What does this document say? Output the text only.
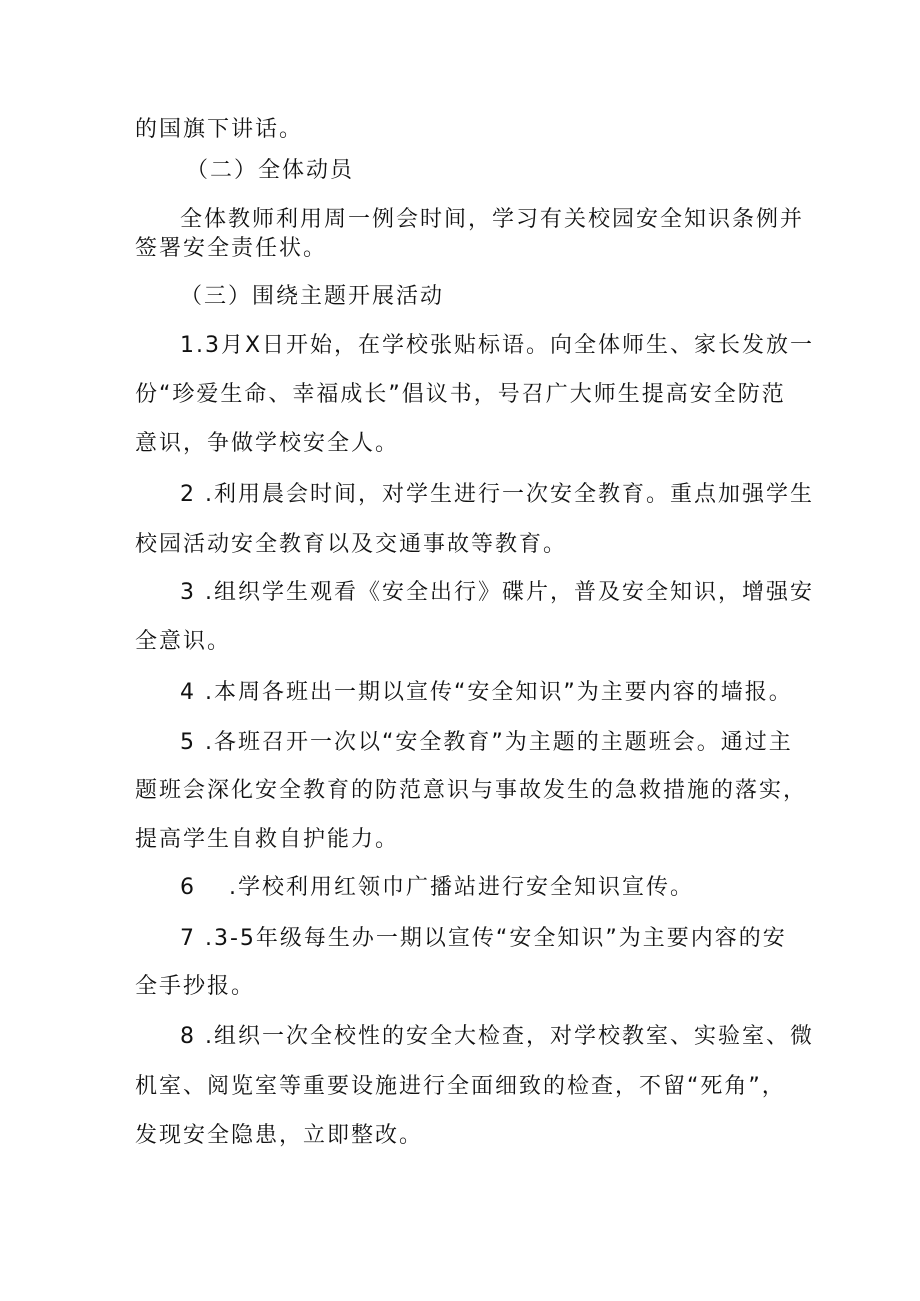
的国旗下讲话。
（二）全体动员
全体教师利用周一例会时间，学习有关校园安全知识条例并
签署安全责任状。
（三）围绕主题开展活动
1.3月X日开始，在学校张贴标语。向全体师生、家长发放一
份“珍爱生命、幸福成长”倡议书，号召广大师生提高安全防范
意识，争做学校安全人。
2 .利用晨会时间，对学生进行一次安全教育。重点加强学生
校园活动安全教育以及交通事故等教育。
3 .组织学生观看《安全出行》碟片，普及安全知识，增强安
全意识。
4 .本周各班出一期以宣传“安全知识”为主要内容的墙报。
5 .各班召开一次以“安全教育”为主题的主题班会。通过主
题班会深化安全教育的防范意识与事故发生的急救措施的落实，
提高学生自救自护能力。
6 　.学校利用红领巾广播站进行安全知识宣传。
7 .3-5年级每生办一期以宣传“安全知识”为主要内容的安
全手抄报。
8 .组织一次全校性的安全大检查，对学校教室、实验室、微
机室、阅览室等重要设施进行全面细致的检查，不留“死角”，
发现安全隐患，立即整改。
